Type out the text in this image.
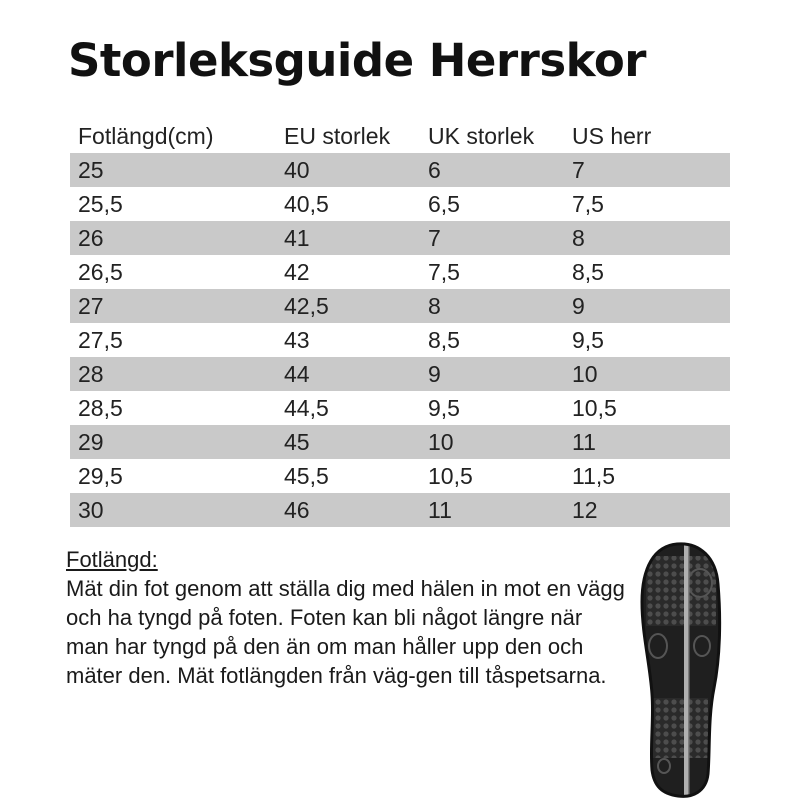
Storleksguide Herrskor
Fotlängd(cm)	EU storlek	UK storlek	US herr
25	40	6	7
25,5	40,5	6,5	7,5
26	41	7	8
26,5	42	7,5	8,5
27	42,5	8	9
27,5	43	8,5	9,5
28	44	9	10
28,5	44,5	9,5	10,5
29	45	10	11
29,5	45,5	10,5	11,5
30	46	11	12
Fotlängd:
Mät din fot genom att ställa dig med hälen in mot en vägg och ha tyngd på foten. Foten kan bli något längre när man har tyngd på den än om man håller upp den och mäter den. Mät fotlängden från väg-gen till tåspetsarna.
